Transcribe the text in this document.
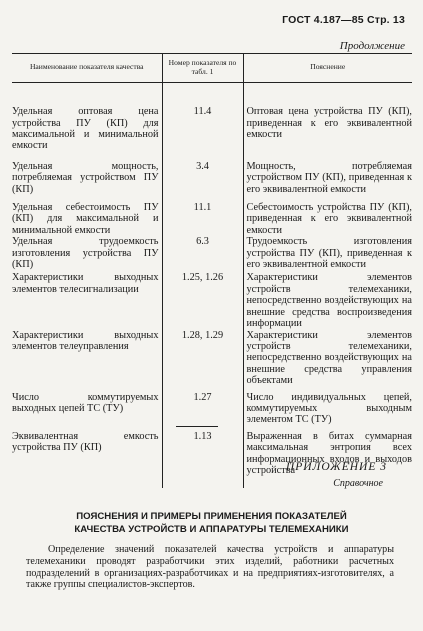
ГОСТ 4.187—85 Стр. 13
Продолжение
Наименование показателя качества	Номер показателя по табл. 1	Пояснение
Удельная оптовая цена устройства ПУ (КП) для максимальной и минимальной емкости	11.4	Оптовая цена устройства ПУ (КП), приведенная к его эквивалентной емкости
Удельная мощность, потребляемая устройством ПУ (КП)	3.4	Мощность, потребляемая устройством ПУ (КП), приведенная к его эквивалентной емкости
Удельная себестоимость ПУ (КП) для максимальной и минимальной емкости	11.1	Себестоимость устройства ПУ (КП), приведенная к его эквивалентной емкости
Удельная трудоемкость изготовления устройства ПУ (КП)	6.3	Трудоемкость изготовления устройства ПУ (КП), приведенная к его эквивалентной емкости
Характеристики выходных элементов телесигнализации	1.25, 1.26	Характеристики элементов устройств телемеханики, непосредственно воздействующих на внешние средства воспроизведения информации
Характеристики выходных элементов телеуправления	1.28, 1.29	Характеристики элементов устройств телемеханики, непосредственно воздействующих на внешние средства управления объектами
Число коммутируемых выходных цепей ТС (ТУ)	1.27	Число индивидуальных цепей, коммутируемых выходным элементом ТС (ТУ)
Эквивалентная емкость устройства ПУ (КП)	1.13	Выраженная в битах суммарная максимальная энтропия всех информационных входов и выходов устройства
ПРИЛОЖЕНИЕ 3
Справочное
ПОЯСНЕНИЯ И ПРИМЕРЫ ПРИМЕНЕНИЯ ПОКАЗАТЕЛЕЙ
КАЧЕСТВА УСТРОЙСТВ И АППАРАТУРЫ ТЕЛЕМЕХАНИКИ
Определение значений показателей качества устройств и аппаратуры телемеханики проводят разработчики этих изделий, работники расчетных подразделений в организациях-разработчиках и на предприятиях-изготовителях, а также группы специалистов-экспертов.
